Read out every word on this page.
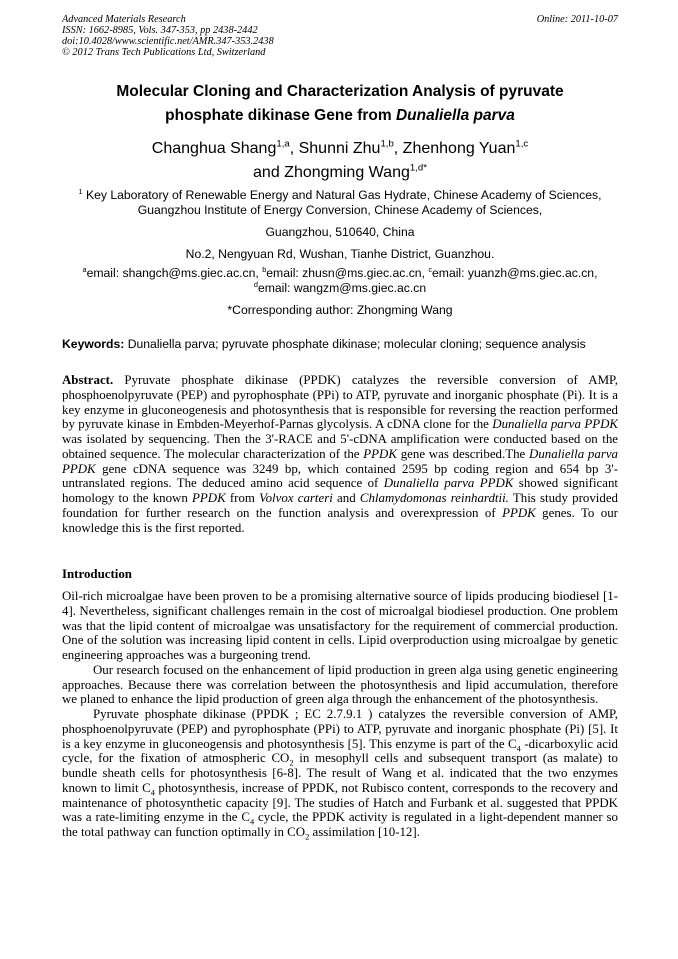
Advanced Materials Research
ISSN: 1662-8985, Vols. 347-353, pp 2438-2442
doi:10.4028/www.scientific.net/AMR.347-353.2438
© 2012 Trans Tech Publications Ltd, Switzerland
Online: 2011-10-07
Molecular Cloning and Characterization Analysis of pyruvate
phosphate dikinase Gene from Dunaliella parva
Changhua Shang$^{1,a}$, Shunni Zhu$^{1,b}$, Zhenhong Yuan$^{1,c}$
and Zhongming Wang$^{1,d*}$
$^1$ Key Laboratory of Renewable Energy and Natural Gas Hydrate, Chinese Academy of Sciences,
Guangzhou Institute of Energy Conversion, Chinese Academy of Sciences,
Guangzhou, 510640, China
No.2, Nengyuan Rd, Wushan, Tianhe District, Guanzhou.
$^a$email: shangch@ms.giec.ac.cn, $^b$email: zhusn@ms.giec.ac.cn, $^c$email: yuanzh@ms.giec.ac.cn,
$^d$email: wangzm@ms.giec.ac.cn
*Corresponding author: Zhongming Wang
Keywords: Dunaliella parva; pyruvate phosphate dikinase; molecular cloning; sequence analysis

Abstract. Pyruvate phosphate dikinase (PPDK) catalyzes the reversible conversion of AMP, phosphoenolpyruvate (PEP) and pyrophosphate (PPi) to ATP, pyruvate and inorganic phosphate (Pi). It is a key enzyme in gluconeogenesis and photosynthesis that is responsible for reversing the reaction performed by pyruvate kinase in Embden-Meyerhof-Parnas glycolysis. A cDNA clone for the Dunaliella parva PPDK was isolated by sequencing. Then the 3'-RACE and 5'-cDNA amplification were conducted based on the obtained sequence. The molecular characterization of the PPDK gene was described.The Dunaliella parva PPDK gene cDNA sequence was 3249 bp, which contained 2595 bp coding region and 654 bp 3'-untranslated regions. The deduced amino acid sequence of Dunaliella parva PPDK showed significant homology to the known PPDK from Volvox carteri and Chlamydomonas reinhardtii. This study provided foundation for further research on the function analysis and overexpression of PPDK genes. To our knowledge this is the first reported.

Introduction

Oil-rich microalgae have been proven to be a promising alternative source of lipids producing biodiesel [1-4]. Nevertheless, significant challenges remain in the cost of microalgal biodiesel production. One problem was that the lipid content of microalgae was unsatisfactory for the requirement of commercial production. One of the solution was increasing lipid content in cells. Lipid overproduction using microalgae by genetic engineering approaches was a burgeoning trend.

Our research focused on the enhancement of lipid production in green alga using genetic engineering approaches. Because there was correlation between the photosynthesis and lipid accumulation, therefore we planed to enhance the lipid production of green alga through the enhancement of the photosynthesis.

Pyruvate phosphate dikinase (PPDK ; EC 2.7.9.1 ) catalyzes the reversible conversion of AMP, phosphoenolpyruvate (PEP) and pyrophosphate (PPi) to ATP, pyruvate and inorganic phosphate (Pi) [5]. It is a key enzyme in gluconeogensis and photosynthesis [5]. This enzyme is part of the $C_4$ -dicarboxylic acid cycle, for the fixation of atmospheric $CO_2$ in mesophyll cells and subsequent transport (as malate) to bundle sheath cells for photosynthesis [6-8]. The result of Wang et al. indicated that the two enzymes known to limit $C_4$ photosynthesis, increase of PPDK, not Rubisco content, corresponds to the recovery and maintenance of photosynthetic capacity [9]. The studies of Hatch and Furbank et al. suggested that PPDK was a rate-limiting enzyme in the $C_4$ cycle, the PPDK activity is regulated in a light-dependent manner so the total pathway can function optimally in $CO_2$ assimilation [10-12].
